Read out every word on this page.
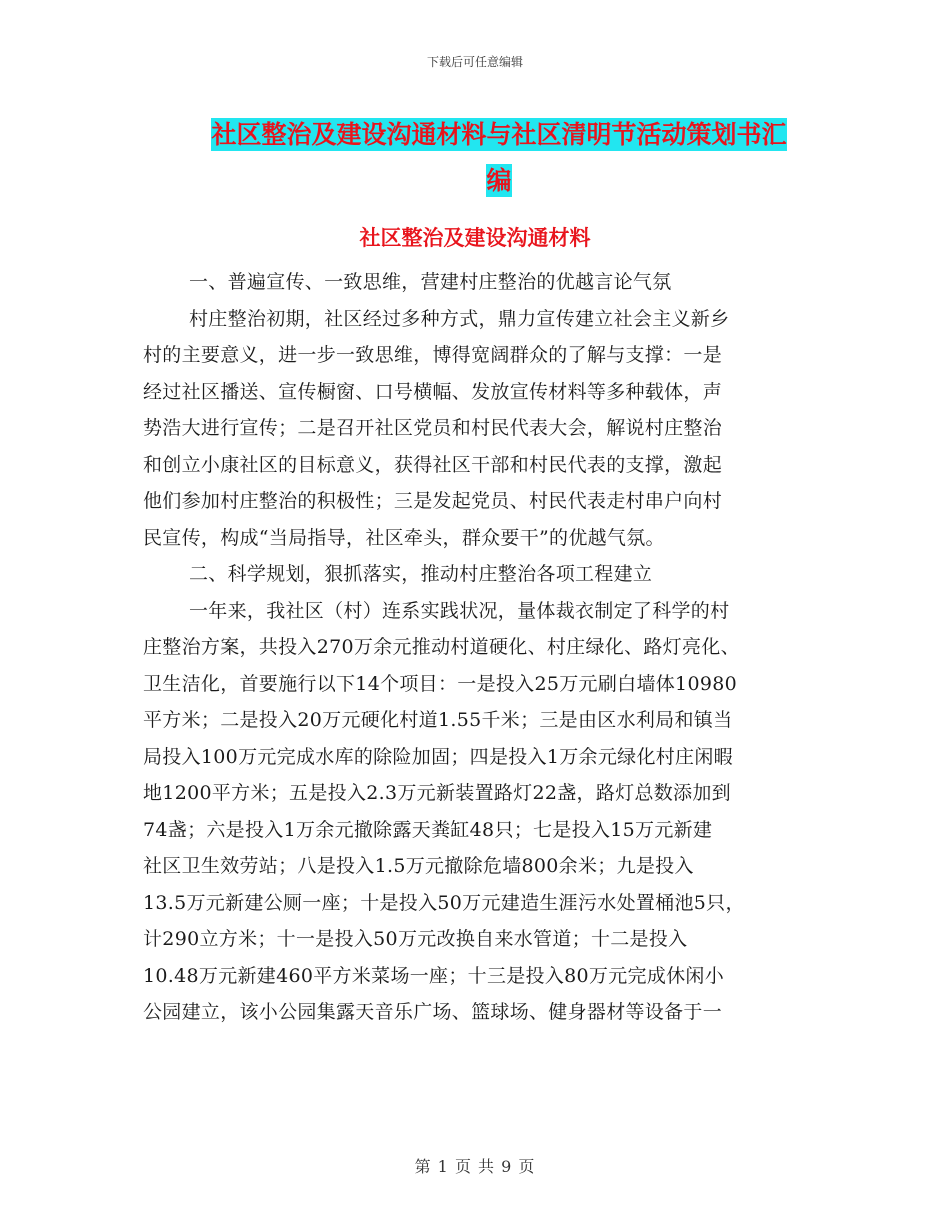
下载后可任意编辑
社区整治及建设沟通材料与社区清明节活动策划书汇
编
社区整治及建设沟通材料
一、普遍宣传、一致思维，营建村庄整治的优越言论气氛
村庄整治初期，社区经过多种方式，鼎力宣传建立社会主义新乡
村的主要意义，进一步一致思维，博得宽阔群众的了解与支撑：一是
经过社区播送、宣传橱窗、口号横幅、发放宣传材料等多种载体，声
势浩大进行宣传；二是召开社区党员和村民代表大会，解说村庄整治
和创立小康社区的目标意义，获得社区干部和村民代表的支撑，激起
他们参加村庄整治的积极性；三是发起党员、村民代表走村串户向村
民宣传，构成“当局指导，社区牵头，群众要干”的优越气氛。
二、科学规划，狠抓落实，推动村庄整治各项工程建立
一年来，我社区（村）连系实践状况，量体裁衣制定了科学的村
庄整治方案，共投入270万余元推动村道硬化、村庄绿化、路灯亮化、
卫生洁化，首要施行以下14个项目：一是投入25万元刷白墙体10980
平方米；二是投入20万元硬化村道1.55千米；三是由区水利局和镇当
局投入100万元完成水库的除险加固；四是投入1万余元绿化村庄闲暇
地1200平方米；五是投入2.3万元新装置路灯22盏，路灯总数添加到
74盏；六是投入1万余元撤除露天粪缸48只；七是投入15万元新建
社区卫生效劳站；八是投入1.5万元撤除危墙800余米；九是投入
13.5万元新建公厕一座；十是投入50万元建造生涯污水处置桶池5只，
计290立方米；十一是投入50万元改换自来水管道；十二是投入
10.48万元新建460平方米菜场一座；十三是投入80万元完成休闲小
公园建立，该小公园集露天音乐广场、篮球场、健身器材等设备于一
第 1 页 共 9 页
